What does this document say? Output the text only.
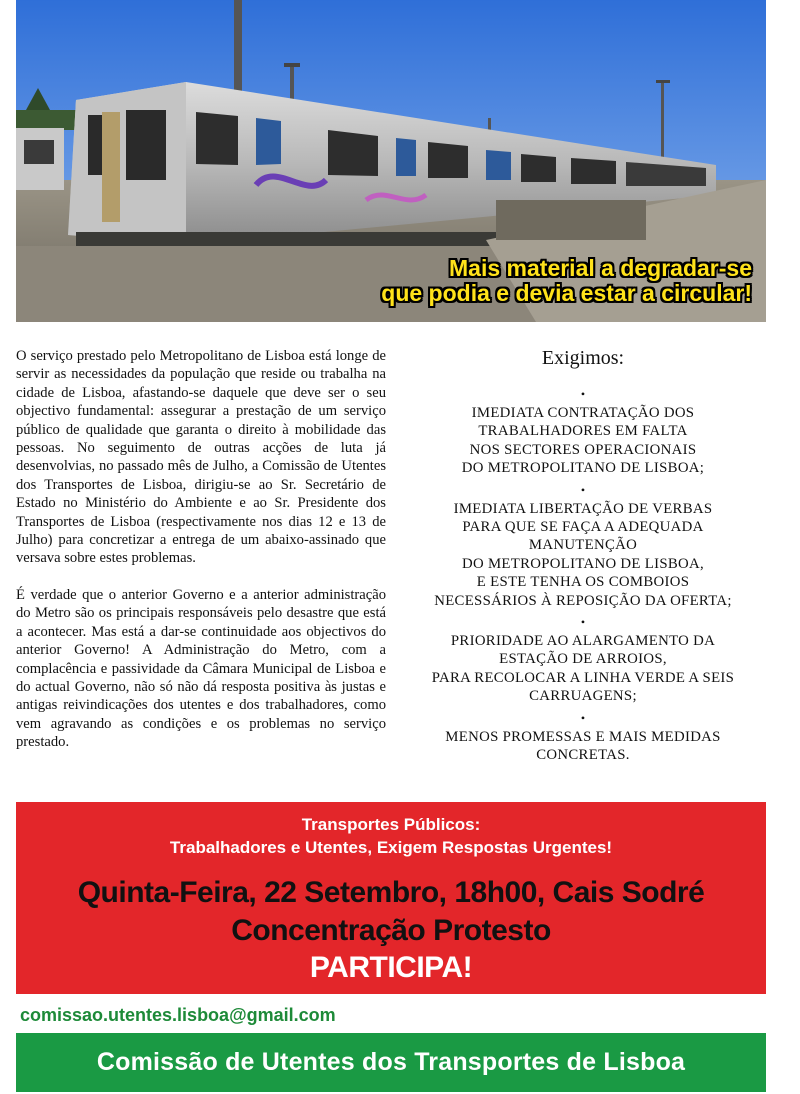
Mais material a degradar-se
que podia e devia estar a circular!

O serviço prestado pelo Metropolitano de Lisboa está longe de servir as necessidades da população que reside ou trabalha na cidade de Lisboa, afastando-se daquele que deve ser o seu objectivo fundamental: assegurar a prestação de um serviço público de qualidade que garanta o direito à mobilidade das pessoas. No seguimento de outras acções de luta já desenvolvias, no passado mês de Julho, a Comissão de Utentes dos Transportes de Lisboa, dirigiu-se ao Sr. Secretário de Estado no Ministério do Ambiente e ao Sr. Presidente dos Transportes de Lisboa (respectivamente nos dias 12 e 13 de Julho) para concretizar a entrega de um abaixo-assinado que versava sobre estes problemas.

É verdade que o anterior Governo e a anterior administração do Metro são os principais responsáveis pelo desastre que está a acontecer. Mas está a dar-se continuidade aos objectivos do anterior Governo! A Administração do Metro, com a complacência e passividade da Câmara Municipal de Lisboa e do actual Governo, não só não dá resposta positiva às justas e antigas reivindicações dos utentes e dos trabalhadores, como vem agravando as condições e os problemas no serviço prestado.

Exigimos:
•
IMEDIATA CONTRATAÇÃO DOS
TRABALHADORES EM FALTA
NOS SECTORES OPERACIONAIS
DO METROPOLITANO DE LISBOA;
•
IMEDIATA LIBERTAÇÃO DE VERBAS
PARA QUE SE FAÇA A ADEQUADA
MANUTENÇÃO
DO METROPOLITANO DE LISBOA,
E ESTE TENHA OS COMBOIOS
NECESSÁRIOS À REPOSIÇÃO DA OFERTA;
•
PRIORIDADE AO ALARGAMENTO DA
ESTAÇÃO DE ARROIOS,
PARA RECOLOCAR A LINHA VERDE A SEIS
CARRUAGENS;
•
MENOS PROMESSAS E MAIS MEDIDAS
CONCRETAS.
Transportes Públicos:
Trabalhadores e Utentes, Exigem Respostas Urgentes!
Quinta-Feira, 22 Setembro, 18h00, Cais Sodré
Concentração Protesto
PARTICIPA!
comissao.utentes.lisboa@gmail.com
Comissão de Utentes dos Transportes de Lisboa
